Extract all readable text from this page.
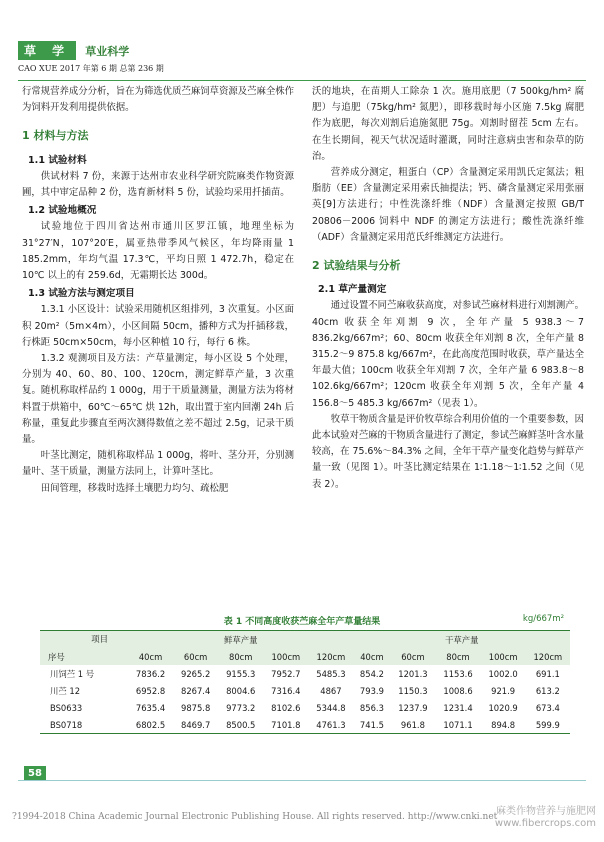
草 学 草业科学
CAO XUE 2017 年第 6 期 总第 236 期

行常规营养成分分析，旨在为筛选优质苎麻饲草资源及苎麻全株作为饲料开发利用提供依据。

1 材料与方法
1.1 试验材料

供试材料 7 份，来源于达州市农业科学研究院麻类作物资源圃，其中审定品种 2 份，选育新材料 5 份，试验均采用扦插苗。

1.2 试验地概况

试验地位于四川省达州市通川区罗江镇，地理坐标为 31°27′N，107°20′E，属亚热带季风气候区，年均降雨量 1 185.2mm，年均气温 17.3℃，平均日照 1 472.7h，稳定在 10℃ 以上的有 259.6d，无霜期长达 300d。

1.3 试验方法与测定项目

1.3.1 小区设计：试验采用随机区组排列，3 次重复。小区面积 20m²（5m×4m），小区间隔 50cm，播种方式为扦插移栽，行株距 50cm×50cm，每小区种植 10 行，每行 6 株。

1.3.2 观测项目及方法：产草量测定，每小区设 5 个处理，分别为 40、60、80、100、120cm，测定鲜草产量，3 次重复。随机称取样品约 1 000g，用于干质量测量，测量方法为将材料置于烘箱中，60℃～65℃ 烘 12h，取出置于室内回潮 24h 后称量，重复此步骤直至两次测得数值之差不超过 2.5g，记录干质量。

叶茎比测定，随机称取样品 1 000g，将叶、茎分开，分别测量叶、茎干质量，测量方法同上，计算叶茎比。

田间管理，移栽时选择土壤肥力均匀、疏松肥

沃的地块，在苗期人工除杂 1 次。施用底肥（7 500kg/hm² 腐肥）与追肥（75kg/hm² 氮肥），即移栽时每小区施 7.5kg 腐肥作为底肥，每次刈割后追施氮肥 75g。刈割时留茬 5cm 左右。在生长期间，视天气状况适时灌溉，同时注意病虫害和杂草的防治。

营养成分测定，粗蛋白（CP）含量测定采用凯氏定氮法；粗脂肪（EE）含量测定采用索氏抽提法；钙、磷含量测定采用张丽英[9]方法进行；中性洗涤纤维（NDF）含量测定按照 GB/T 20806－2006 饲料中 NDF 的测定方法进行；酸性洗涤纤维（ADF）含量测定采用范氏纤维测定方法进行。

2 试验结果与分析
2.1 草产量测定

通过设置不同苎麻收获高度，对参试苎麻材料进行刈割测产。40cm 收获全年刈割 9 次，全年产量 5 938.3～7 836.2kg/667m²；60、80cm 收获全年刈割 8 次，全年产量 8 315.2～9 875.8 kg/667m²，在此高度范围时收获，草产量达全年最大值；100cm 收获全年刈割 7 次，全年产量 6 983.8～8 102.6kg/667m²；120cm 收获全年刈割 5 次，全年产量 4 156.8～5 485.3 kg/667m²（见表 1）。

牧草干物质含量是评价牧草综合利用价值的一个重要参数，因此本试验对苎麻的干物质含量进行了测定，参试苎麻鲜茎叶含水量较高，在 75.6%～84.3% 之间，全年干草产量变化趋势与鲜草产量一致（见图 1）。叶茎比测定结果在 1∶1.18～1∶1.52 之间（见表 2）。

表 1 不同高度收获苎麻全年产草量结果	kg/667m²
项目
序号	鲜草产量					干草产量				
	40cm	60cm	80cm	100cm	120cm	40cm	60cm	80cm	100cm	120cm
川饲苎 1 号	7836.2	9265.2	9155.3	7952.7	5485.3	854.2	1201.3	1153.6	1002.0	691.1
川苎 12	6952.8	8267.4	8004.6	7316.4	4867	793.9	1150.3	1008.6	921.9	613.2
BS0633	7635.4	9875.8	9773.2	8102.6	5344.8	856.3	1237.9	1231.4	1020.9	673.4
BS0718	6802.5	8469.7	8500.5	7101.8	4761.3	741.5	961.8	1071.1	894.8	599.9
58
?1994-2018 China Academic Journal Electronic Publishing House. All rights reserved. http://www.cnki.net
麻类作物营养与施肥网
www.fibercrops.com
